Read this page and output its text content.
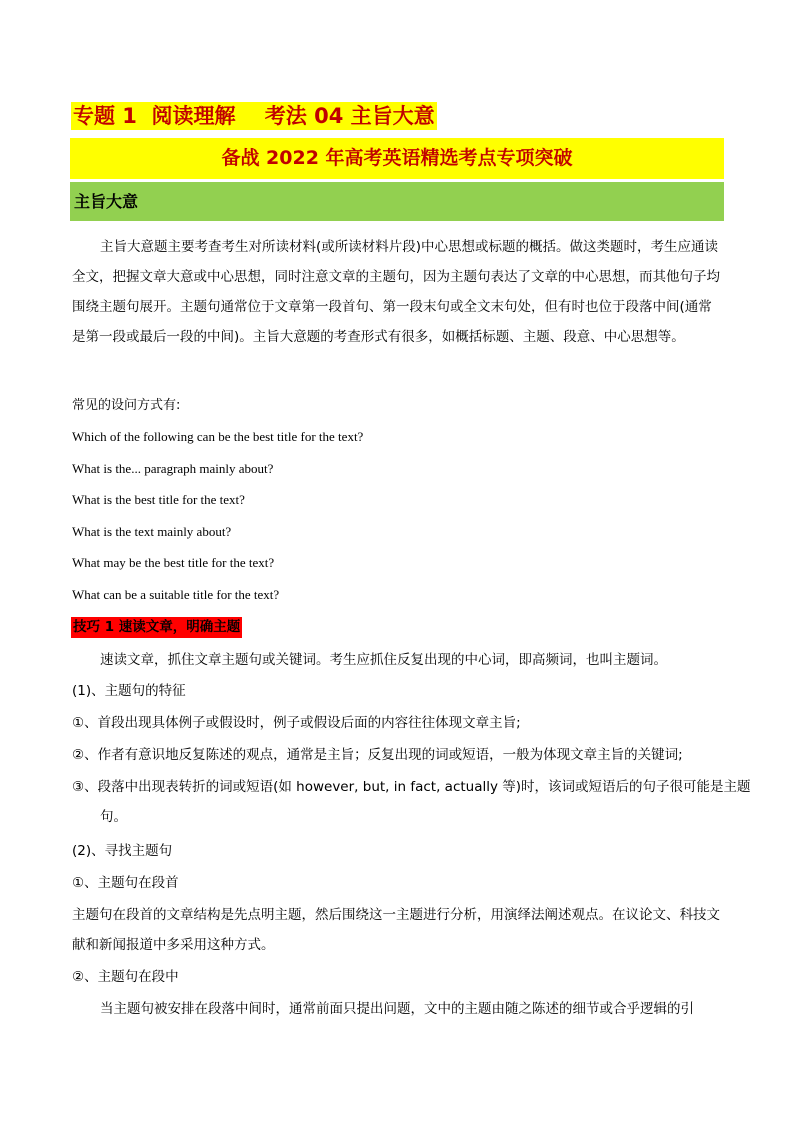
专题 1  阅读理解    考法 04 主旨大意
备战 2022 年高考英语精选考点专项突破
主旨大意

主旨大意题主要考查考生对所读材料(或所读材料片段)中心思想或标题的概括。做这类题时，考生应通读全文，把握文章大意或中心思想，同时注意文章的主题句，因为主题句表达了文章的中心思想，而其他句子均围绕主题句展开。主题句通常位于文章第一段首句、第一段末句或全文末句处，但有时也位于段落中间(通常是第一段或最后一段的中间)。主旨大意题的考查形式有很多，如概括标题、主题、段意、中心思想等。

常见的设问方式有:
Which of the following can be the best title for the text?
What is the... paragraph mainly about?
What is the best title for the text?
What is the text mainly about?
What may be the best title for the text?
What can be a suitable title for the text?
技巧 1 速读文章，明确主题

速读文章，抓住文章主题句或关键词。考生应抓住反复出现的中心词，即高频词，也叫主题词。

(1)、主题句的特征

①、首段出现具体例子或假设时，例子或假设后面的内容往往体现文章主旨;

②、作者有意识地反复陈述的观点，通常是主旨；反复出现的词或短语，一般为体现文章主旨的关键词;

③、段落中出现表转折的词或短语(如 however, but, in fact, actually 等)时，该词或短语后的句子很可能是主题句。

(2)、寻找主题句

①、主题句在段首

主题句在段首的文章结构是先点明主题，然后围绕这一主题进行分析，用演绎法阐述观点。在议论文、科技文献和新闻报道中多采用这种方式。

②、主题句在段中

当主题句被安排在段落中间时，通常前面只提出问题，文中的主题由随之陈述的细节或合乎逻辑的引
